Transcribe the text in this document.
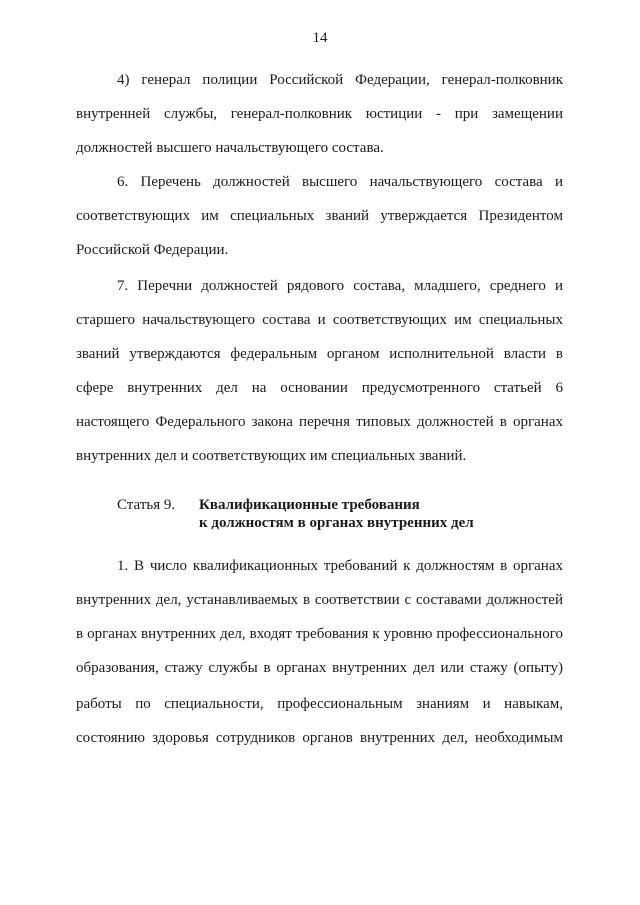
14
4) генерал полиции Российской Федерации, генерал-полковник
внутренней службы, генерал-полковник юстиции - при замещении
должностей высшего начальствующего состава.
6. Перечень должностей высшего начальствующего состава и
соответствующих им специальных званий утверждается Президентом
Российской Федерации.
7. Перечни должностей рядового состава, младшего, среднего и
старшего начальствующего состава и соответствующих им специальных
званий утверждаются федеральным органом исполнительной власти в
сфере внутренних дел на основании предусмотренного статьей 6
настоящего Федерального закона перечня типовых должностей в органах
внутренних дел и соответствующих им специальных званий.
Статья 9. Квалификационные требования
к должностям в органах внутренних дел
1. В число квалификационных требований к должностям в органах
внутренних дел, устанавливаемых в соответствии с составами должностей
в органах внутренних дел, входят требования к уровню профессионального
образования, стажу службы в органах внутренних дел или стажу (опыту)
работы по специальности, профессиональным знаниям и навыкам,
состоянию здоровья сотрудников органов внутренних дел, необходимым
